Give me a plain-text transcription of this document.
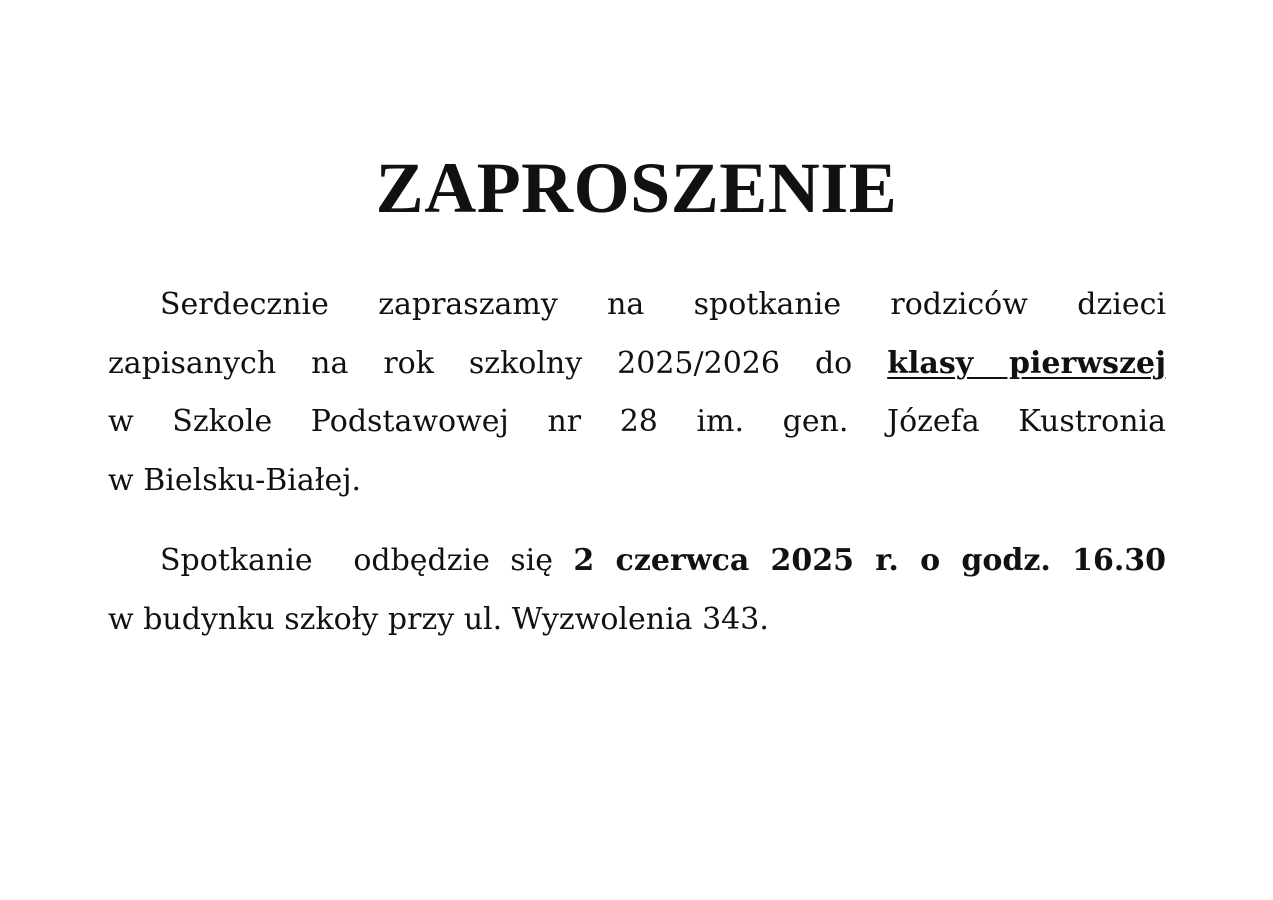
ZAPROSZENIE
Serdecznie zapraszamy na spotkanie rodziców dzieci
zapisanych na rok szkolny 2025/2026 do klasy pierwszej
w Szkole Podstawowej nr 28 im. gen. Józefa Kustronia
w Bielsku-Białej.
Spotkanie  odbędzie się 2 czerwca 2025 r. o godz. 16.30
w budynku szkoły przy ul. Wyzwolenia 343.
